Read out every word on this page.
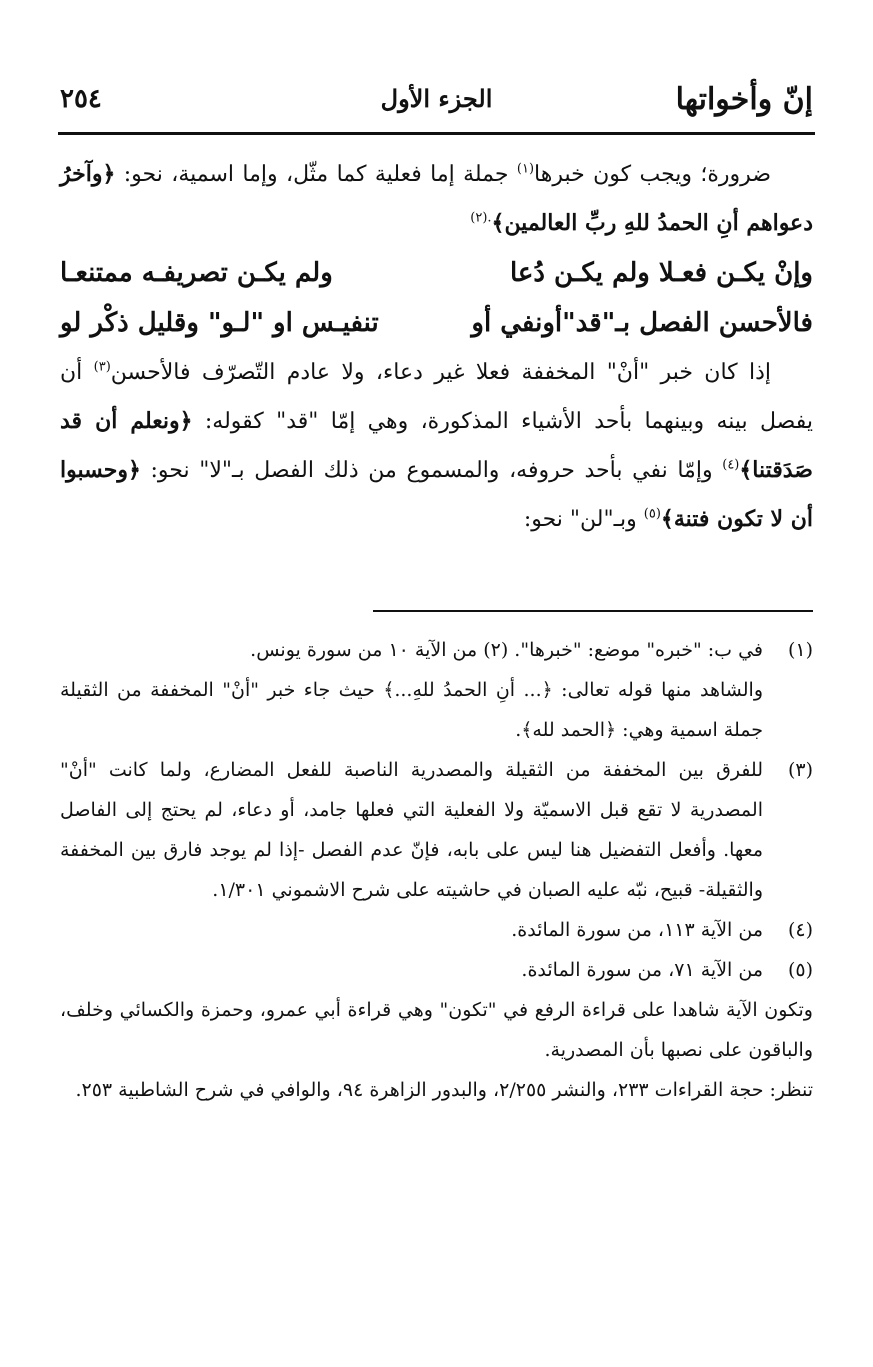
إنّ وأخواتها
الجزء الأول
٢٥٤

ضرورة؛ ويجب كون خبرها$^{(١)}$ جملة إما فعلية كما مثّل، وإما اسمية، نحو: ﴿وآخرُ دعواهم أنِ الحمدُ للهِ ربِّ العالمين﴾$^{.(٢)}$

وإنْ يكـن فعـلا ولم يكـن دُعا
ولم يكـن تصريفـه ممتنعـا
فالأحسن الفصل بـ"قد"أونفي أو
تنفيـس او "لـو" وقليل ذكْر لو

إذا كان خبر "أنْ" المخففة فعلا غير دعاء، ولا عادم التّصرّف فالأحسن$^{(٣)}$ أن يفصل بينه وبينهما بأحد الأشياء المذكورة، وهي إمّا "قد" كقوله: ﴿ونعلم أن قد صَدَقتنا﴾$^{(٤)}$ وإمّا نفي بأحد حروفه، والمسموع من ذلك الفصل بـ"لا" نحو: ﴿وحسبوا أن لا تكون فتنة﴾$^{(٥)}$ وبـ"لن" نحو:

(١)
في ب: "خبره" موضع: "خبرها". (٢) من الآية ١٠ من سورة يونس.
والشاهد منها قوله تعالى: ﴿... أنِ الحمدُ للهِ...﴾ حيث جاء خبر "أنْ" المخففة من الثقيلة جملة اسمية وهي: ﴿الحمد لله﴾.
(٣)
للفرق بين المخففة من الثقيلة والمصدرية الناصبة للفعل المضارع، ولما كانت "أنْ" المصدرية لا تقع قبل الاسميّة ولا الفعلية التي فعلها جامد، أو دعاء، لم يحتج إلى الفاصل معها. وأفعل التفضيل هنا ليس على بابه، فإنّ عدم الفصل -إذا لم يوجد فارق بين المخففة والثقيلة- قبيح، نبّه عليه الصبان في حاشيته على شرح الاشموني ١/٣٠١.
(٤)
من الآية ١١٣، من سورة المائدة.
(٥)
من الآية ٧١، من سورة المائدة.

وتكون الآية شاهدا على قراءة الرفع في "تكون" وهي قراءة أبي عمرو، وحمزة والكسائي وخلف، والباقون على نصبها بأن المصدرية.

تنظر: حجة القراءات ٢٣٣، والنشر ٢/٢٥٥، والبدور الزاهرة ٩٤، والوافي في شرح الشاطبية ٢٥٣.
